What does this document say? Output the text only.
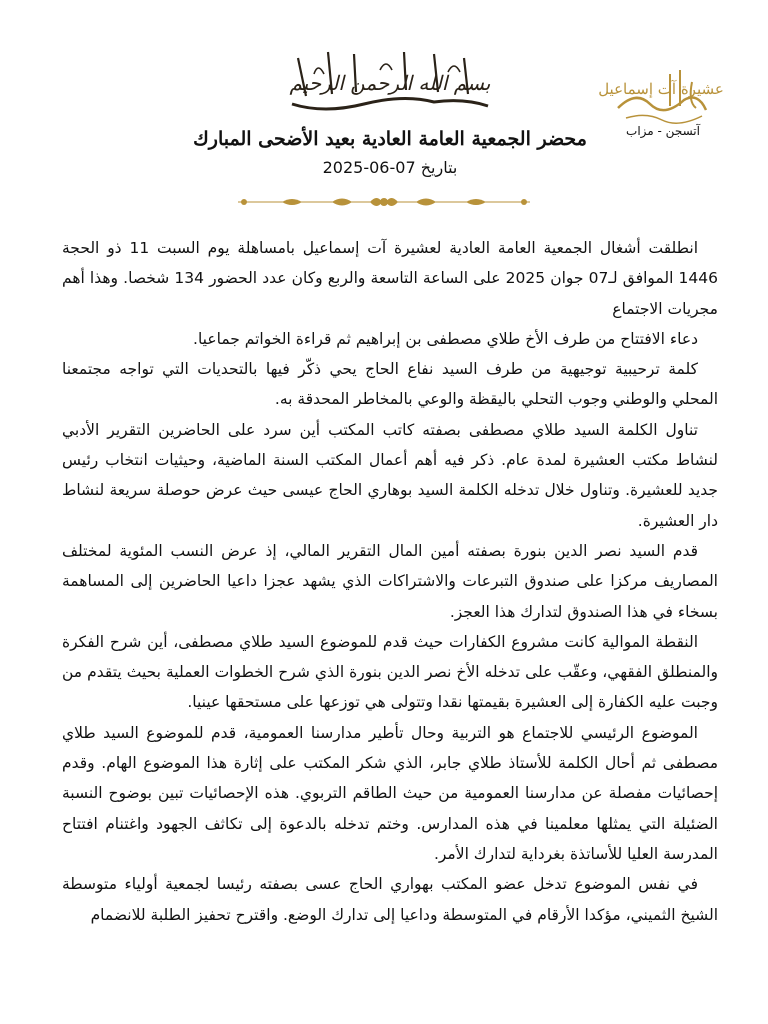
عشيرة آت إسماعيل
آتسجن - مزاب
بسم الله الرحمن الرحيم
محضر الجمعية العامة العادية بعيد الأضحى المبارك
بتاريخ 07-06-2025

انطلقت أشغال الجمعية العامة العادية لعشيرة آت إسماعيل بامساهلة يوم السبت 11 ذو الحجة 1446 الموافق لـ07 جوان 2025 على الساعة التاسعة والربع وكان عدد الحضور 134 شخصا. وهذا أهم مجريات الاجتماع

دعاء الافتتاح من طرف الأخ طلاي مصطفى بن إبراهيم ثم قراءة الخواتم جماعيا.

كلمة ترحيبية توجيهية من طرف السيد نفاع الحاج يحي ذكّر فيها بالتحديات التي تواجه مجتمعنا المحلي والوطني وجوب التحلي باليقظة والوعي بالمخاطر المحدقة به.

تناول الكلمة السيد طلاي مصطفى بصفته كاتب المكتب أين سرد على الحاضرين التقرير الأدبي لنشاط مكتب العشيرة لمدة عام. ذكر فيه أهم أعمال المكتب السنة الماضية، وحيثيات انتخاب رئيس جديد للعشيرة. وتناول خلال تدخله الكلمة السيد بوهاري الحاج عيسى حيث عرض حوصلة سريعة لنشاط دار العشيرة.

قدم السيد نصر الدين بنورة بصفته أمين المال التقرير المالي، إذ عرض النسب المئوية لمختلف المصاريف مركزا على صندوق التبرعات والاشتراكات الذي يشهد عجزا داعيا الحاضرين إلى المساهمة بسخاء في هذا الصندوق لتدارك هذا العجز.

النقطة الموالية كانت مشروع الكفارات حيث قدم للموضوع السيد طلاي مصطفى، أين شرح الفكرة والمنطلق الفقهي، وعقّب على تدخله الأخ نصر الدين بنورة الذي شرح الخطوات العملية بحيث يتقدم من وجبت عليه الكفارة إلى العشيرة بقيمتها نقدا وتتولى هي توزعها على مستحقها عينيا.

الموضوع الرئيسي للاجتماع هو التربية وحال تأطير مدارسنا العمومية، قدم للموضوع السيد طلاي مصطفى ثم أحال الكلمة للأستاذ طلاي جابر، الذي شكر المكتب على إثارة هذا الموضوع الهام. وقدم إحصائيات مفصلة عن مدارسنا العمومية من حيث الطاقم التربوي. هذه الإحصائيات تبين بوضوح النسبة الضئيلة التي يمثلها معلمينا في هذه المدارس. وختم تدخله بالدعوة إلى تكاثف الجهود واغتنام افتتاح المدرسة العليا للأساتذة بغرداية لتدارك الأمر.

في نفس الموضوع تدخل عضو المكتب بهواري الحاج عسى بصفته رئيسا لجمعية أولياء متوسطة الشيخ الثميني، مؤكدا الأرقام في المتوسطة وداعيا إلى تدارك الوضع. واقترح تحفيز الطلبة للانضمام
